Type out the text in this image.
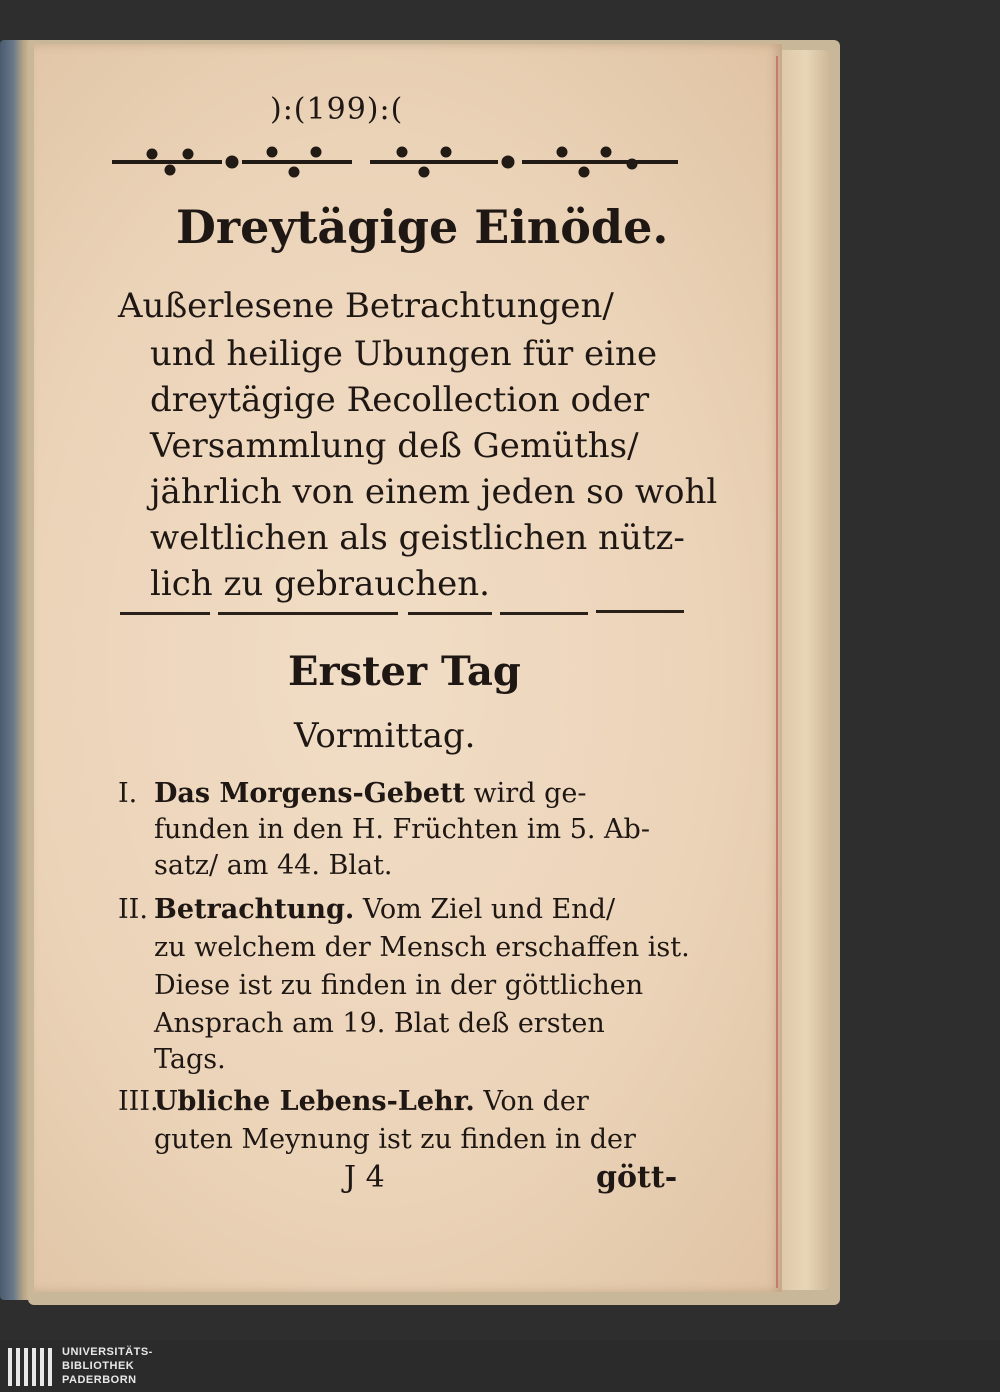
):(199):(
Dreytägige Einöde.
Außerlesene Betrachtungen/
und heilige Ubungen für eine
dreytägige Recollection oder
Versammlung deß Gemüths/
jährlich von einem jeden so wohl
weltlichen als geistlichen nütz-
lich zu gebrauchen.
Erster Tag
Vormittag.
I. Das Morgens-Gebett wird ge-
funden in den H. Früchten im 5. Ab-
satz/ am 44. Blat.
II. Betrachtung. Vom Ziel und End/
zu welchem der Mensch erschaffen ist.
Diese ist zu finden in der göttlichen
Ansprach am 19. Blat deß ersten
Tags.
III.
Ubliche Lebens-Lehr. Von der
guten Meynung ist zu finden in der
J 4	gött-
UNIVERSITÄTS-
BIBLIOTHEK
PADERBORN
